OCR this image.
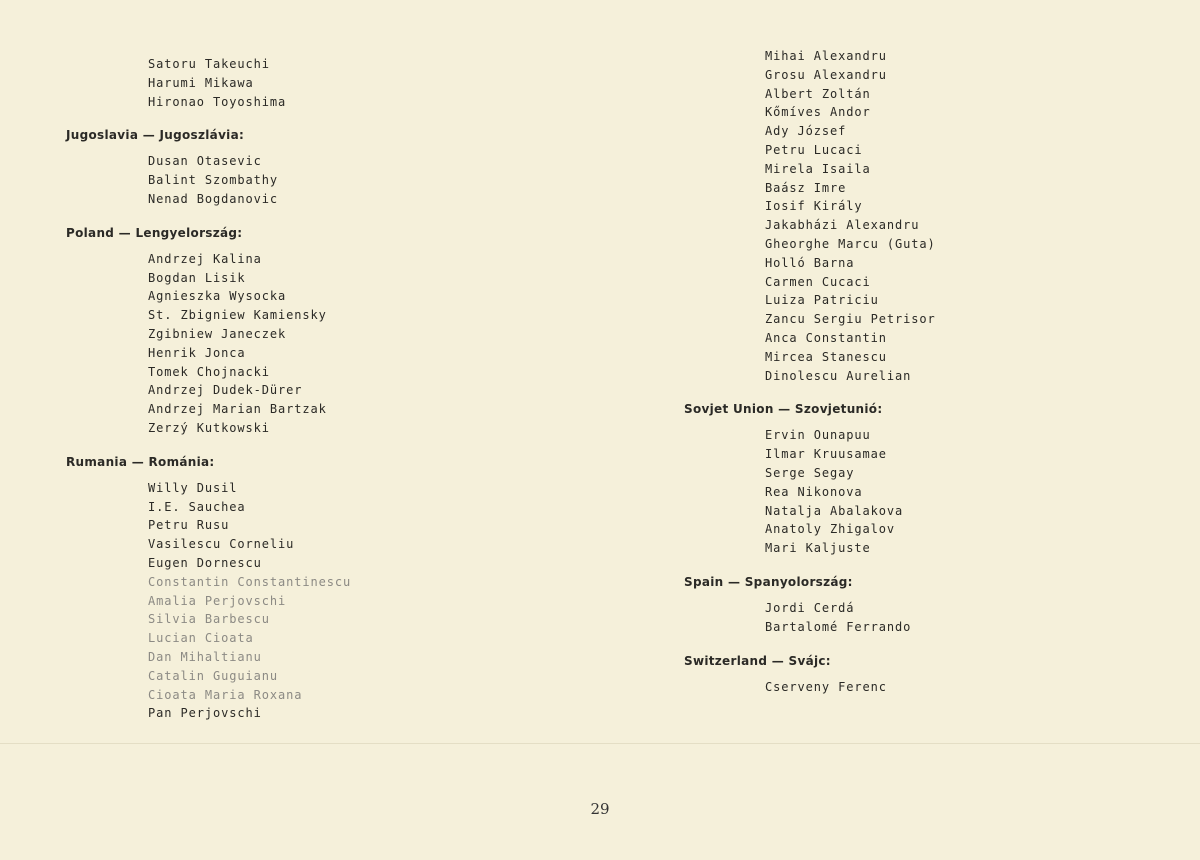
Satoru Takeuchi
Harumi Mikawa
Hironao Toyoshima
Jugoslavia — Jugoszlávia:
Dusan Otasevic
Balint Szombathy
Nenad Bogdanovic
Poland — Lengyelország:
Andrzej Kalina
Bogdan Lisik
Agnieszka Wysocka
St. Zbigniew Kamiensky
Zgibniew Janeczek
Henrik Jonca
Tomek Chojnacki
Andrzej Dudek-Dürer
Andrzej Marian Bartzak
Zerzý Kutkowski
Rumania — Románia:
Willy Dusil
I.E. Sauchea
Petru Rusu
Vasilescu Corneliu
Eugen Dornescu
Constantin Constantinescu
Amalia Perjovschi
Silvia Barbescu
Lucian Cioata
Dan Mihaltianu
Catalin Guguianu
Cioata Maria Roxana
Pan Perjovschi
Mihai Alexandru
Grosu Alexandru
Albert Zoltán
Kőmíves Andor
Ady József
Petru Lucaci
Mirela Isaila
Baász Imre
Iosif Király
Jakabházi Alexandru
Gheorghe Marcu (Guta)
Holló Barna
Carmen Cucaci
Luiza Patriciu
Zancu Sergiu Petrisor
Anca Constantin
Mircea Stanescu
Dinolescu Aurelian
Sovjet Union — Szovjetunió:
Ervin Ounapuu
Ilmar Kruusamae
Serge Segay
Rea Nikonova
Natalja Abalakova
Anatoly Zhigalov
Mari Kaljuste
Spain — Spanyolország:
Jordi Cerdá
Bartalomé Ferrando
Switzerland — Svájc:
Cserveny Ferenc
29
